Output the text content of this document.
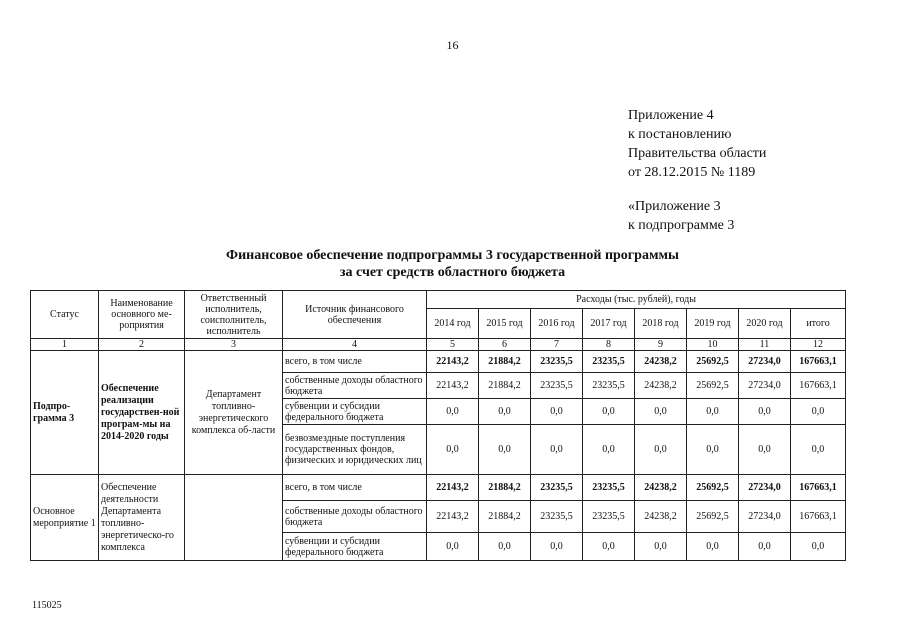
16
Приложение 4
к постановлению
Правительства области
от 28.12.2015 № 1189
«Приложение 3
к подпрограмме 3
Финансовое обеспечение подпрограммы 3 государственной программы
за счет средств областного бюджета
Статус	Наименование основного ме-роприятия	Ответственный исполнитель, соисполнитель, исполнитель	Источник финансового обеспечения	Расходы (тыс. рублей), годы							
				2014 год	2015 год	2016 год	2017 год	2018 год	2019 год	2020 год	итого
1	2	3	4	5	6	7	8	9	10	11	12
Подпро-грамма 3	Обеспечение реализации государствен-ной програм-мы на 2014-2020 годы	Департамент топливно-энергетического комплекса об-ласти	всего, в том числе	22143,2	21884,2	23235,5	23235,5	24238,2	25692,5	27234,0	167663,1
			собственные доходы областного бюджета	22143,2	21884,2	23235,5	23235,5	24238,2	25692,5	27234,0	167663,1
			субвенции и субсидии федерального бюджета	0,0	0,0	0,0	0,0	0,0	0,0	0,0	0,0
			безвозмездные поступления государственных фондов, физических и юридических лиц	0,0	0,0	0,0	0,0	0,0	0,0	0,0	0,0
Основное мероприятие 1	Обеспечение деятельности Департамента топливно-энергетическо-го комплекса		всего, в том числе	22143,2	21884,2	23235,5	23235,5	24238,2	25692,5	27234,0	167663,1
			собственные доходы областного бюджета	22143,2	21884,2	23235,5	23235,5	24238,2	25692,5	27234,0	167663,1
			субвенции и субсидии федерального бюджета	0,0	0,0	0,0	0,0	0,0	0,0	0,0	0,0
115025
